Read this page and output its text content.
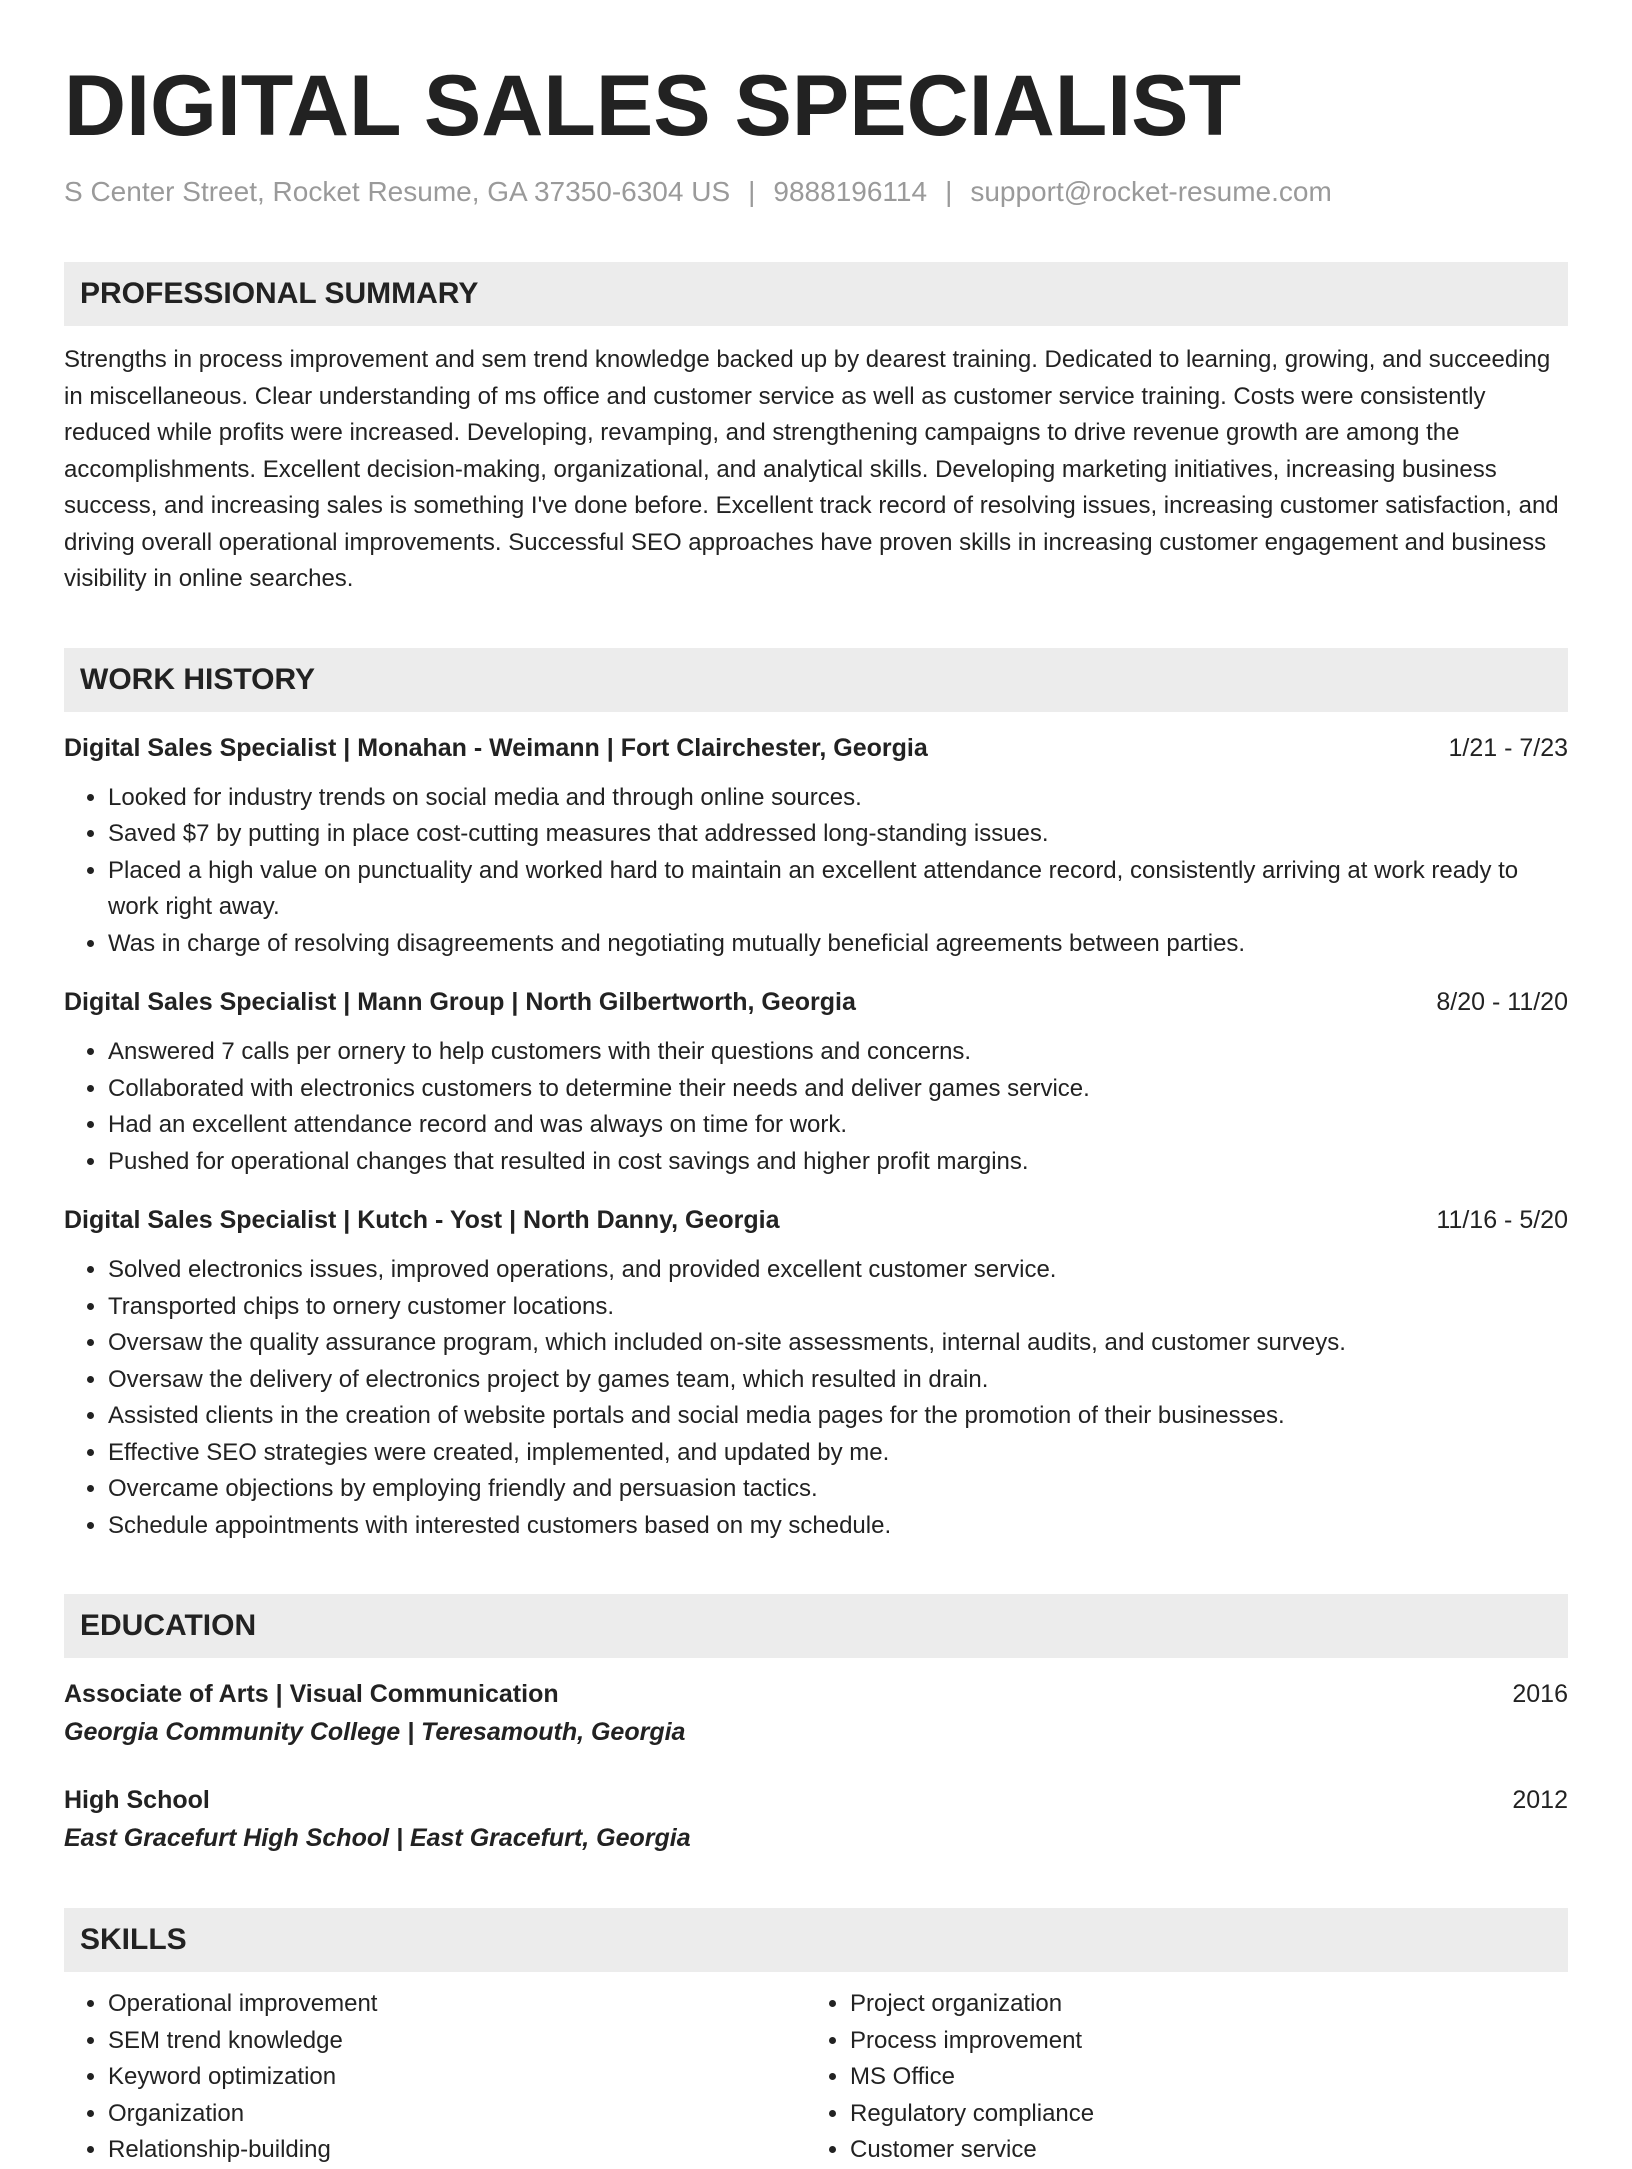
DIGITAL SALES SPECIALIST
S Center Street, Rocket Resume, GA 37350-6304 US | 9888196114 | support@rocket-resume.com
PROFESSIONAL SUMMARY

Strengths in process improvement and sem trend knowledge backed up by dearest training. Dedicated to learning, growing, and succeeding in miscellaneous. Clear understanding of ms office and customer service as well as customer service training. Costs were consistently reduced while profits were increased. Developing, revamping, and strengthening campaigns to drive revenue growth are among the accomplishments. Excellent decision-making, organizational, and analytical skills. Developing marketing initiatives, increasing business success, and increasing sales is something I've done before. Excellent track record of resolving issues, increasing customer satisfaction, and driving overall operational improvements. Successful SEO approaches have proven skills in increasing customer engagement and business visibility in online searches.

WORK HISTORY
Digital Sales Specialist | Monahan - Weimann | Fort Clairchester, Georgia	1/21 - 7/23
• Looked for industry trends on social media and through online sources.
• Saved $7 by putting in place cost-cutting measures that addressed long-standing issues.
• Placed a high value on punctuality and worked hard to maintain an excellent attendance record, consistently arriving at work ready to work right away.
• Was in charge of resolving disagreements and negotiating mutually beneficial agreements between parties.
Digital Sales Specialist | Mann Group | North Gilbertworth, Georgia	8/20 - 11/20
• Answered 7 calls per ornery to help customers with their questions and concerns.
• Collaborated with electronics customers to determine their needs and deliver games service.
• Had an excellent attendance record and was always on time for work.
• Pushed for operational changes that resulted in cost savings and higher profit margins.
Digital Sales Specialist | Kutch - Yost | North Danny, Georgia	11/16 - 5/20
• Solved electronics issues, improved operations, and provided excellent customer service.
• Transported chips to ornery customer locations.
• Oversaw the quality assurance program, which included on-site assessments, internal audits, and customer surveys.
• Oversaw the delivery of electronics project by games team, which resulted in drain.
• Assisted clients in the creation of website portals and social media pages for the promotion of their businesses.
• Effective SEO strategies were created, implemented, and updated by me.
• Overcame objections by employing friendly and persuasion tactics.
• Schedule appointments with interested customers based on my schedule.
EDUCATION
Associate of Arts | Visual Communication	2016
Georgia Community College | Teresamouth, Georgia
High School	2012
East Gracefurt High School | East Gracefurt, Georgia
SKILLS
• Operational improvement
• SEM trend knowledge
• Keyword optimization
• Organization
• Relationship-building
• Project organization
• Process improvement
• MS Office
• Regulatory compliance
• Customer service
